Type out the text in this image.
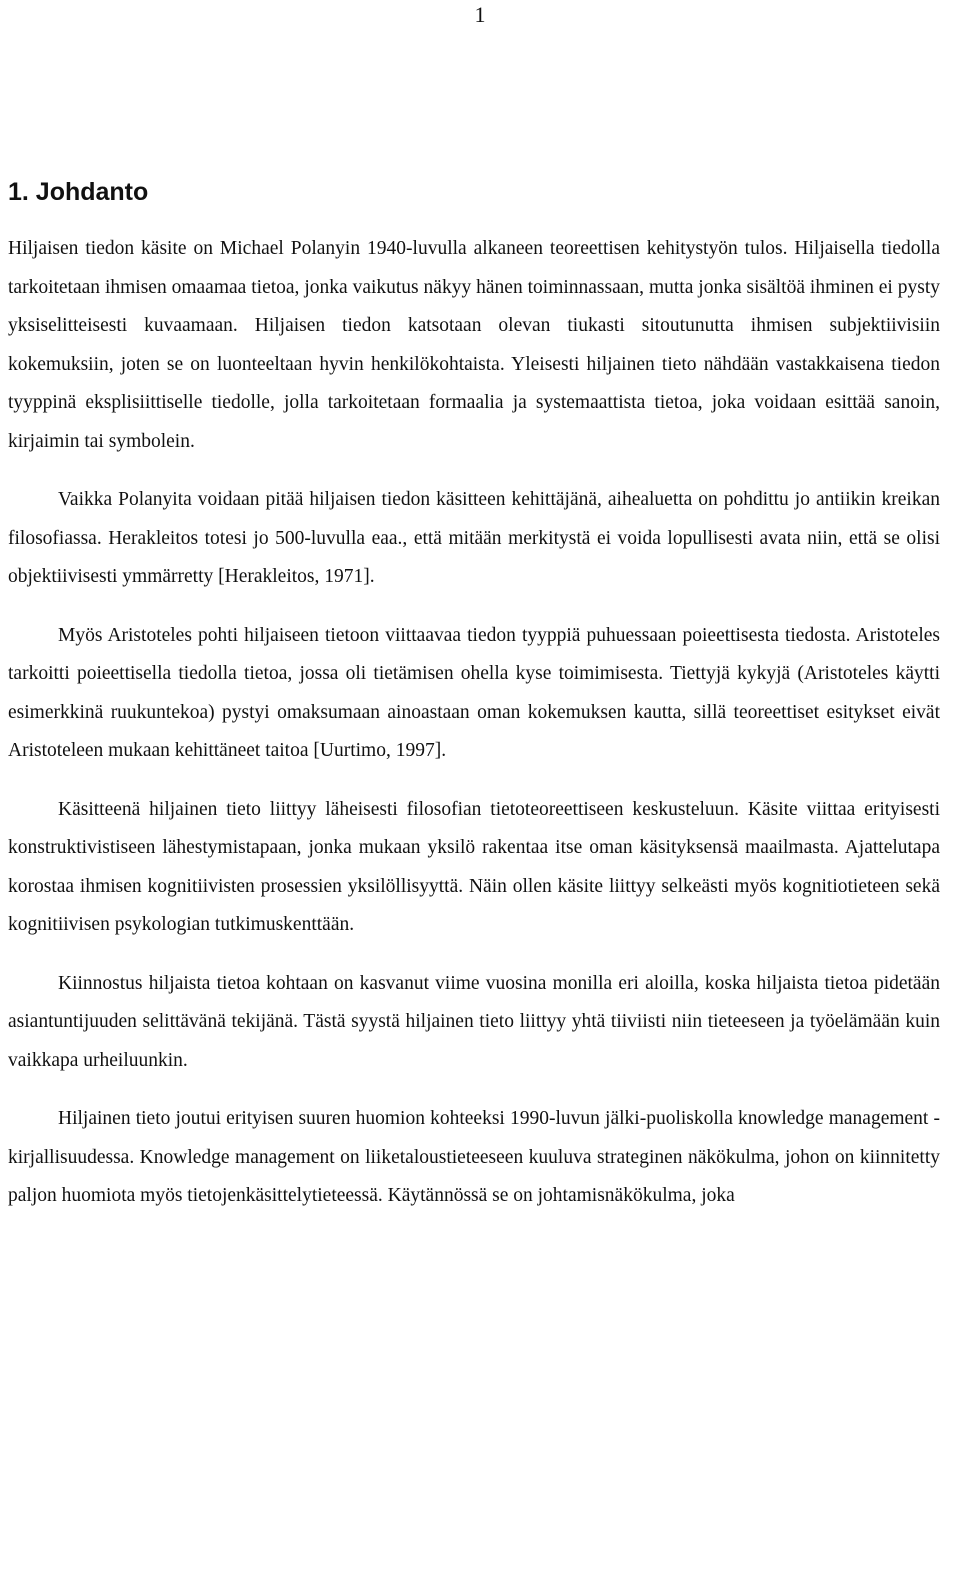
1
1. Johdanto

Hiljaisen tiedon käsite on Michael Polanyin 1940-luvulla alkaneen teoreettisen kehitystyön tulos. Hiljaisella tiedolla tarkoitetaan ihmisen omaamaa tietoa, jonka vaikutus näkyy hänen toiminnassaan, mutta jonka sisältöä ihminen ei pysty yksiselitteisesti kuvaamaan. Hiljaisen tiedon katsotaan olevan tiukasti sitoutunutta ihmisen subjektiivisiin kokemuksiin, joten se on luonteeltaan hyvin henkilökohtaista. Yleisesti hiljainen tieto nähdään vastakkaisena tiedon tyyppinä eksplisiittiselle tiedolle, jolla tarkoitetaan formaalia ja systemaattista tietoa, joka voidaan esittää sanoin, kirjaimin tai symbolein.

Vaikka Polanyita voidaan pitää hiljaisen tiedon käsitteen kehittäjänä, aihealuetta on pohdittu jo antiikin kreikan filosofiassa. Herakleitos totesi jo 500-luvulla eaa., että mitään merkitystä ei voida lopullisesti avata niin, että se olisi objektiivisesti ymmärretty [Herakleitos, 1971].

Myös Aristoteles pohti hiljaiseen tietoon viittaavaa tiedon tyyppiä puhuessaan poieettisesta tiedosta. Aristoteles tarkoitti poieettisella tiedolla tietoa, jossa oli tietämisen ohella kyse toimimisesta. Tiettyjä kykyjä (Aristoteles käytti esimerkkinä ruukuntekoa) pystyi omaksumaan ainoastaan oman kokemuksen kautta, sillä teoreettiset esitykset eivät Aristoteleen mukaan kehittäneet taitoa [Uurtimo, 1997].

Käsitteenä hiljainen tieto liittyy läheisesti filosofian tietoteoreettiseen keskusteluun. Käsite viittaa erityisesti konstruktivistiseen lähestymistapaan, jonka mukaan yksilö rakentaa itse oman käsityksensä maailmasta. Ajattelutapa korostaa ihmisen kognitiivisten prosessien yksilöllisyyttä. Näin ollen käsite liittyy selkeästi myös kognitiotieteen sekä kognitiivisen psykologian tutkimuskenttään.

Kiinnostus hiljaista tietoa kohtaan on kasvanut viime vuosina monilla eri aloilla, koska hiljaista tietoa pidetään asiantuntijuuden selittävänä tekijänä. Tästä syystä hiljainen tieto liittyy yhtä tiiviisti niin tieteeseen ja työelämään kuin vaikkapa urheiluunkin.

Hiljainen tieto joutui erityisen suuren huomion kohteeksi 1990-luvun jälki-puoliskolla knowledge management -kirjallisuudessa. Knowledge management on liiketaloustieteeseen kuuluva strateginen näkökulma, johon on kiinnitetty paljon huomiota myös tietojenkäsittelytieteessä. Käytännössä se on johtamisnäkökulma, joka
